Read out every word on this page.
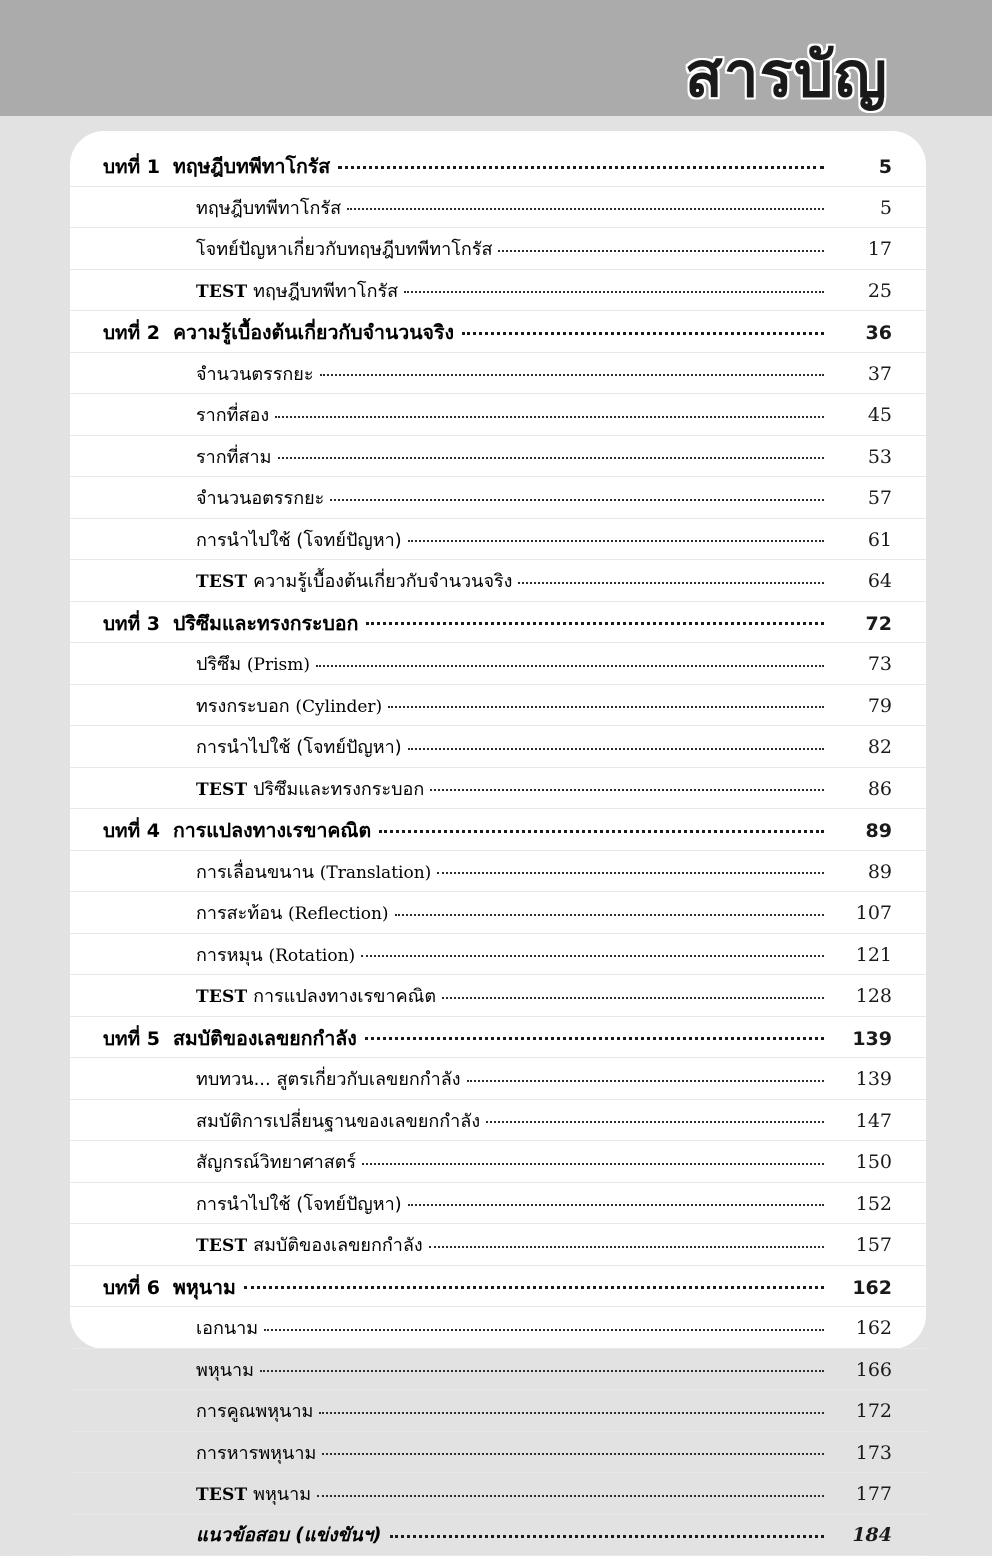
สารบัญ
บทที่ 1 ทฤษฎีบทพีทาโกรัส	5
ทฤษฎีบทพีทาโกรัส	5
โจทย์ปัญหาเกี่ยวกับทฤษฎีบทพีทาโกรัส	17
TEST ทฤษฎีบทพีทาโกรัส	25
บทที่ 2 ความรู้เบื้องต้นเกี่ยวกับจำนวนจริง	36
จำนวนตรรกยะ	37
รากที่สอง	45
รากที่สาม	53
จำนวนอตรรกยะ	57
การนำไปใช้ (โจทย์ปัญหา)	61
TEST ความรู้เบื้องต้นเกี่ยวกับจำนวนจริง	64
บทที่ 3 ปริซึมและทรงกระบอก	72
ปริซึม (Prism)	73
ทรงกระบอก (Cylinder)	79
การนำไปใช้ (โจทย์ปัญหา)	82
TEST ปริซึมและทรงกระบอก	86
บทที่ 4 การแปลงทางเรขาคณิต	89
การเลื่อนขนาน (Translation)	89
การสะท้อน (Reflection)	107
การหมุน (Rotation)	121
TEST การแปลงทางเรขาคณิต	128
บทที่ 5 สมบัติของเลขยกกำลัง	139
ทบทวน... สูตรเกี่ยวกับเลขยกกำลัง	139
สมบัติการเปลี่ยนฐานของเลขยกกำลัง	147
สัญกรณ์วิทยาศาสตร์	150
การนำไปใช้ (โจทย์ปัญหา)	152
TEST สมบัติของเลขยกกำลัง	157
บทที่ 6 พหุนาม	162
เอกนาม	162
พหุนาม	166
การคูณพหุนาม	172
การหารพหุนาม	173
TEST พหุนาม	177
แนวข้อสอบ (แข่งขันฯ)	184
